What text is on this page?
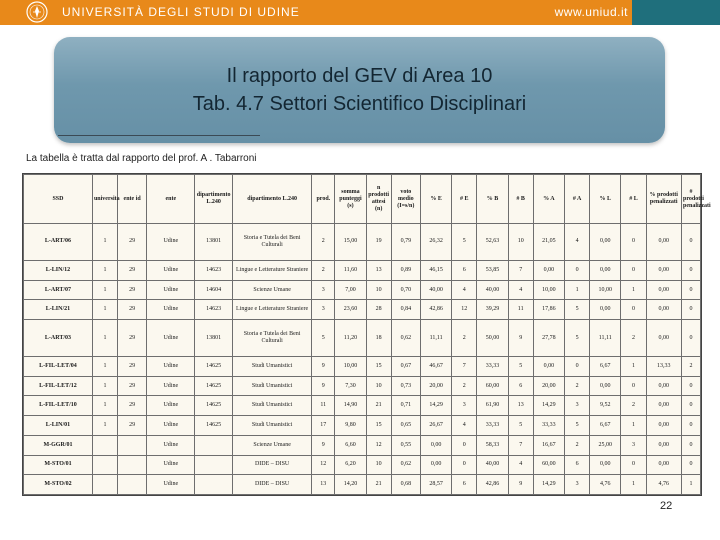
UNIVERSITÀ DEGLI STUDI DI UDINE	www.uniud.it
Il rapporto del GEV di Area 10
Tab. 4.7 Settori Scientifico Disciplinari
La tabella è tratta dal rapporto del prof. A . Tabarroni
SSD	universita	ente id	ente	dipartimento L.240	dipartimento L.240	prod.	somma punteggi (s)	n prodotti attesi (n)	voto medio (I=s/n)	% E	# E	% B	# B	% A	# A	% L	# L	% prodotti penalizzati	# prodotti penalizzati
L-ART/06	1	29	Udine	13801	Storia e Tutela dei Beni Culturali	2	15,00	19	0,79	26,32	5	52,63	10	21,05	4	0,00	0	0,00	0
L-LIN/12	1	29	Udine	14623	Lingue e Letterature Straniere	2	11,60	13	0,89	46,15	6	53,85	7	0,00	0	0,00	0	0,00	0
L-ART/07	1	29	Udine	14604	Scienze Umane	3	7,00	10	0,70	40,00	4	40,00	4	10,00	1	10,00	1	0,00	0
L-LIN/21	1	29	Udine	14623	Lingue e Letterature Straniere	3	23,60	28	0,84	42,86	12	39,29	11	17,86	5	0,00	0	0,00	0
L-ART/03	1	29	Udine	13801	Storia e Tutela dei Beni Culturali	5	11,20	18	0,62	11,11	2	50,00	9	27,78	5	11,11	2	0,00	0
L-FIL-LET/04	1	29	Udine	14625	Studi Umanistici	9	10,00	15	0,67	46,67	7	33,33	5	0,00	0	6,67	1	13,33	2
L-FIL-LET/12	1	29	Udine	14625	Studi Umanistici	9	7,30	10	0,73	20,00	2	60,00	6	20,00	2	0,00	0	0,00	0
L-FIL-LET/10	1	29	Udine	14625	Studi Umanistici	11	14,90	21	0,71	14,29	3	61,90	13	14,29	3	9,52	2	0,00	0
L-LIN/01	1	29	Udine	14625	Studi Umanistici	17	9,80	15	0,65	26,67	4	33,33	5	33,33	5	6,67	1	0,00	0
M-GGR/01			Udine		Scienze Umane	9	6,60	12	0,55	0,00	0	58,33	7	16,67	2	25,00	3	0,00	0
M-STO/01			Udine		DIDE – DISU	12	6,20	10	0,62	0,00	0	40,00	4	60,00	6	0,00	0	0,00	0
M-STO/02			Udine		DIDE – DISU	13	14,20	21	0,68	28,57	6	42,86	9	14,29	3	4,76	1	4,76	1
22
